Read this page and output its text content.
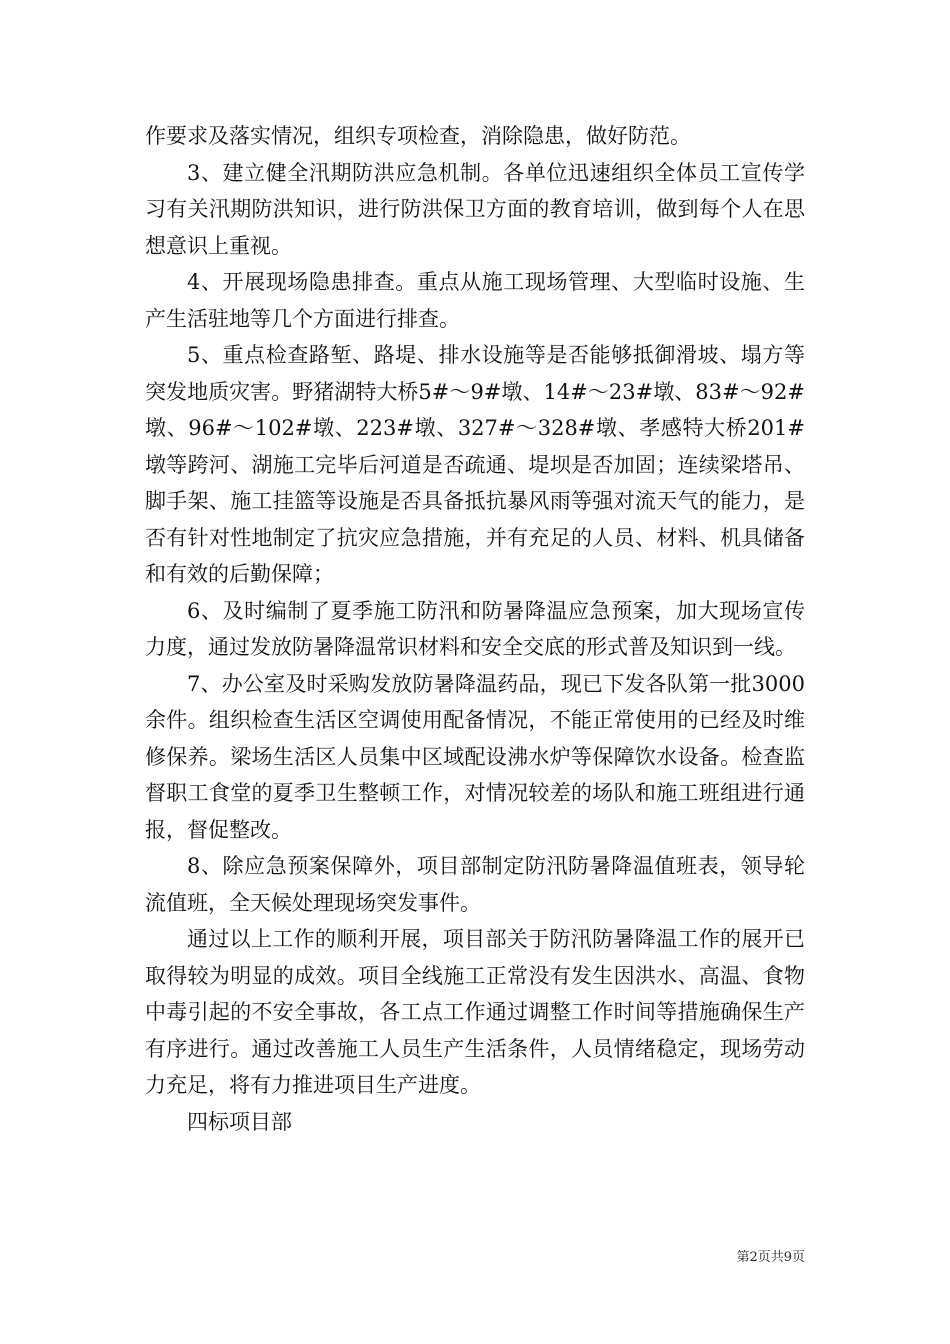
作要求及落实情况，组织专项检查，消除隐患，做好防范。

3、建立健全汛期防洪应急机制。各单位迅速组织全体员工宣传学习有关汛期防洪知识，进行防洪保卫方面的教育培训，做到每个人在思想意识上重视。

4、开展现场隐患排查。重点从施工现场管理、大型临时设施、生产生活驻地等几个方面进行排查。

5、重点检查路堑、路堤、排水设施等是否能够抵御滑坡、塌方等突发地质灾害。野猪湖特大桥5#～9#墩、14#～23#墩、83#～92#墩、96#～102#墩、223#墩、327#～328#墩、孝感特大桥201#墩等跨河、湖施工完毕后河道是否疏通、堤坝是否加固；连续梁塔吊、脚手架、施工挂篮等设施是否具备抵抗暴风雨等强对流天气的能力，是否有针对性地制定了抗灾应急措施，并有充足的人员、材料、机具储备和有效的后勤保障；

6、及时编制了夏季施工防汛和防暑降温应急预案，加大现场宣传力度，通过发放防暑降温常识材料和安全交底的形式普及知识到一线。

7、办公室及时采购发放防暑降温药品，现已下发各队第一批3000余件。组织检查生活区空调使用配备情况，不能正常使用的已经及时维修保养。梁场生活区人员集中区域配设沸水炉等保障饮水设备。检查监督职工食堂的夏季卫生整顿工作，对情况较差的场队和施工班组进行通报，督促整改。

8、除应急预案保障外，项目部制定防汛防暑降温值班表，领导轮流值班，全天候处理现场突发事件。

通过以上工作的顺利开展，项目部关于防汛防暑降温工作的展开已取得较为明显的成效。项目全线施工正常没有发生因洪水、高温、食物中毒引起的不安全事故，各工点工作通过调整工作时间等措施确保生产有序进行。通过改善施工人员生产生活条件，人员情绪稳定，现场劳动力充足，将有力推进项目生产进度。

四标项目部

第2页共9页
